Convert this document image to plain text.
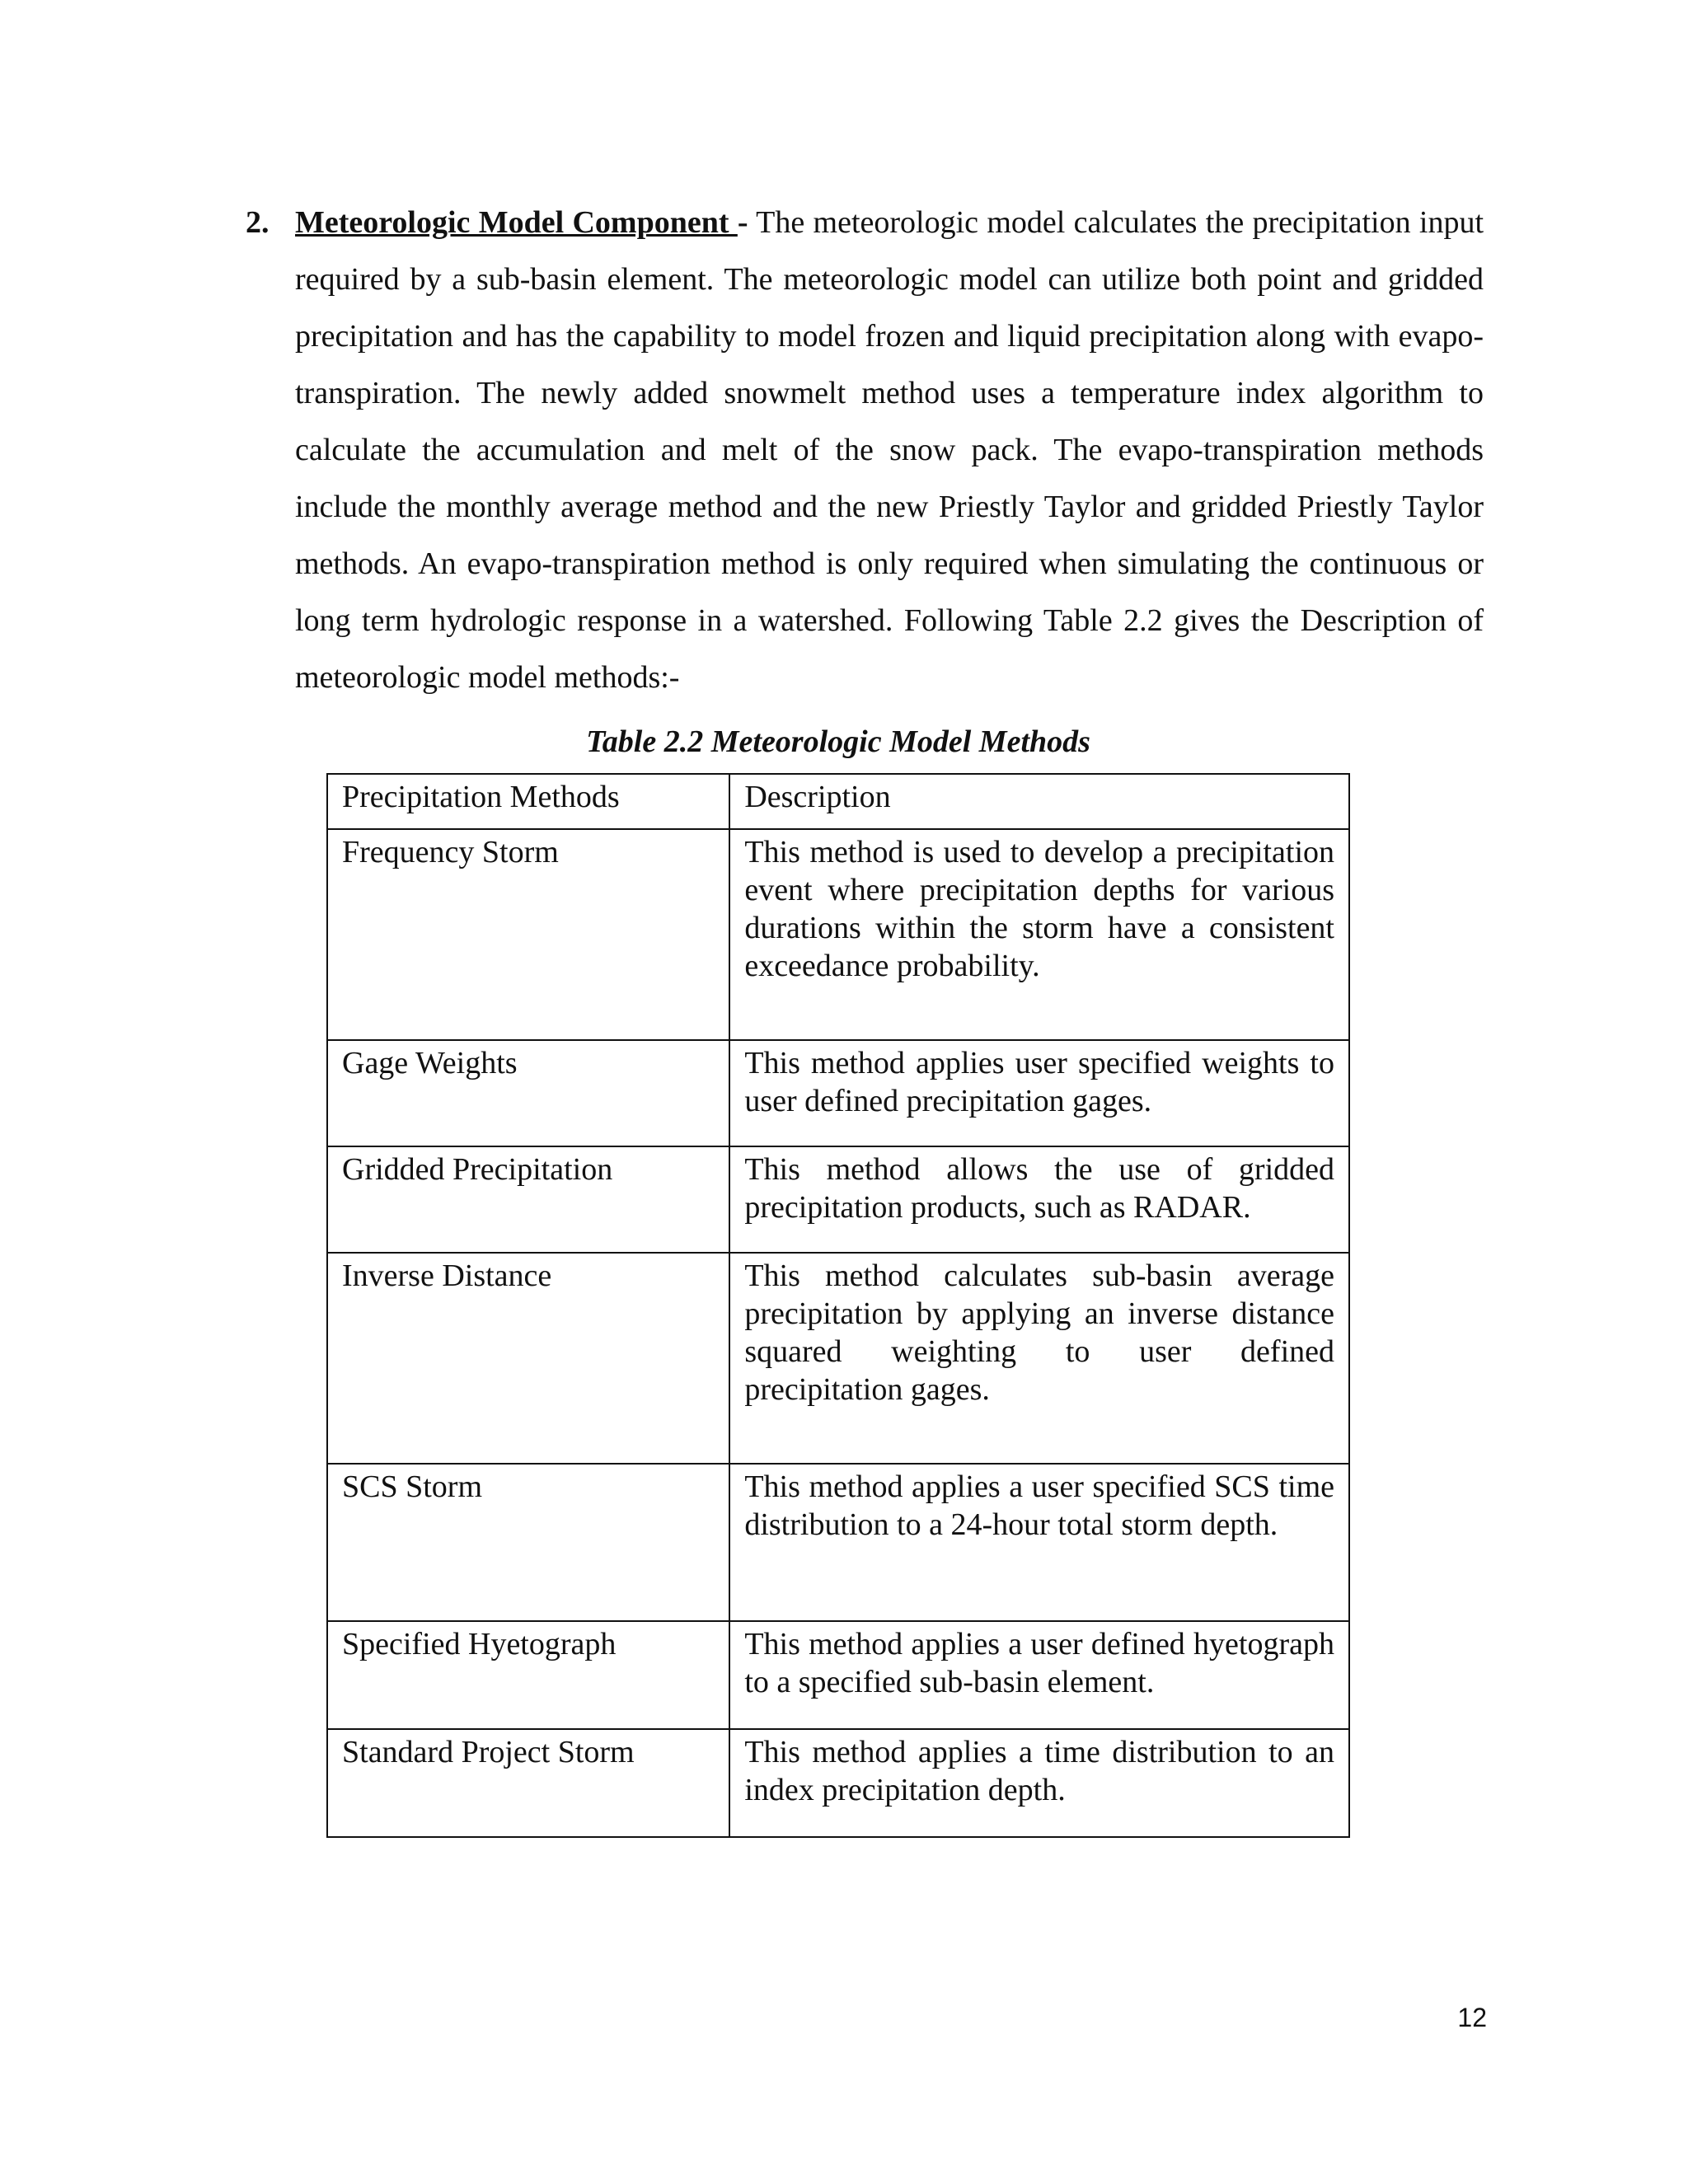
2. Meteorologic Model Component - The meteorologic model calculates the precipitation input required by a sub-basin element. The meteorologic model can utilize both point and gridded precipitation and has the capability to model frozen and liquid precipitation along with evapo-transpiration. The newly added snowmelt method uses a temperature index algorithm to calculate the accumulation and melt of the snow pack. The evapo-transpiration methods include the monthly average method and the new Priestly Taylor and gridded Priestly Taylor methods. An evapo-transpiration method is only required when simulating the continuous or long term hydrologic response in a watershed. Following Table 2.2 gives the Description of meteorologic model methods:-
Table 2.2 Meteorologic Model Methods
Precipitation Methods	Description
Frequency Storm	This method is used to develop a precipitation event where precipitation depths for various durations within the storm have a consistent exceedance probability.
Gage Weights	This method applies user specified weights to user defined precipitation gages.
Gridded Precipitation	This method allows the use of gridded precipitation products, such as RADAR.
Inverse Distance	This method calculates sub-basin average precipitation by applying an inverse distance squared weighting to user defined precipitation gages.
SCS Storm	This method applies a user specified SCS time distribution to a 24-hour total storm depth.
Specified Hyetograph	This method applies a user defined hyetograph to a specified sub-basin element.
Standard Project Storm	This method applies a time distribution to an index precipitation depth.
12
